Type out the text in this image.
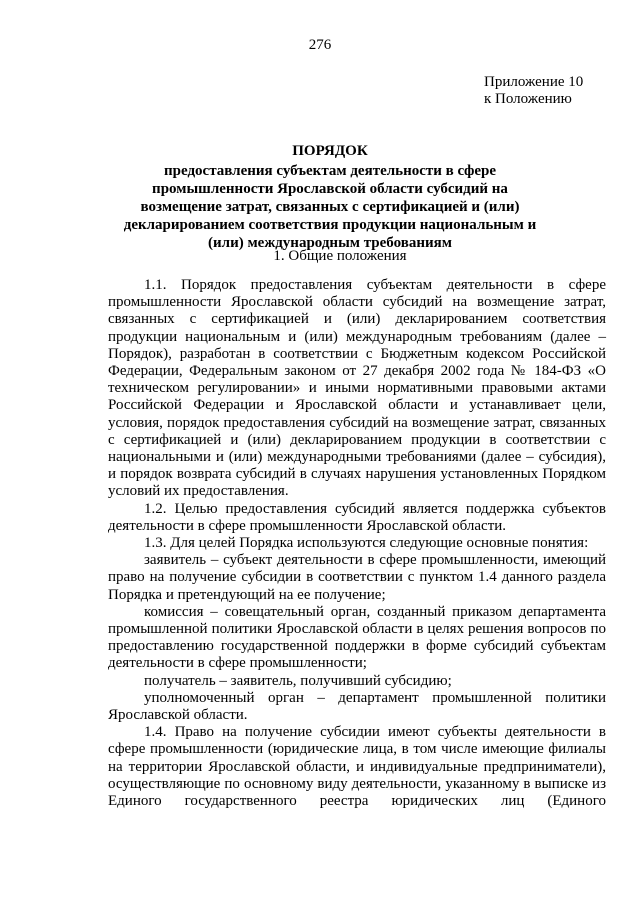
276
Приложение 10
к Положению
ПОРЯДОК
предоставления субъектам деятельности в сфере промышленности Ярославской области субсидий на возмещение затрат, связанных с сертификацией и (или) декларированием соответствия продукции национальным и (или) международным требованиям
1. Общие положения

1.1. Порядок предоставления субъектам деятельности в сфере промышленности Ярославской области субсидий на возмещение затрат, связанных с сертификацией и (или) декларированием соответствия продукции национальным и (или) международным требованиям (далее – Порядок), разработан в соответствии с Бюджетным кодексом Российской Федерации, Федеральным законом от 27 декабря 2002 года № 184-ФЗ «О техническом регулировании» и иными нормативными правовыми актами Российской Федерации и Ярославской области и устанавливает цели, условия, порядок предоставления субсидий на возмещение затрат, связанных с сертификацией и (или) декларированием продукции в соответствии с национальными и (или) международными требованиями (далее – субсидия), и порядок возврата субсидий в случаях нарушения установленных Порядком условий их предоставления.

1.2. Целью предоставления субсидий является поддержка субъектов деятельности в сфере промышленности Ярославской области.

1.3. Для целей Порядка используются следующие основные понятия:

заявитель – субъект деятельности в сфере промышленности, имеющий право на получение субсидии в соответствии с пунктом 1.4 данного раздела Порядка и претендующий на ее получение;

комиссия – совещательный орган, созданный приказом департамента промышленной политики Ярославской области в целях решения вопросов по предоставлению государственной поддержки в форме субсидий субъектам деятельности в сфере промышленности;

получатель – заявитель, получивший субсидию;

уполномоченный орган – департамент промышленной политики Ярославской области.

1.4. Право на получение субсидии имеют субъекты деятельности в сфере промышленности (юридические лица, в том числе имеющие филиалы на территории Ярославской области, и индивидуальные предприниматели), осуществляющие по основному виду деятельности, указанному в выписке из Единого государственного реестра юридических лиц (Единого
